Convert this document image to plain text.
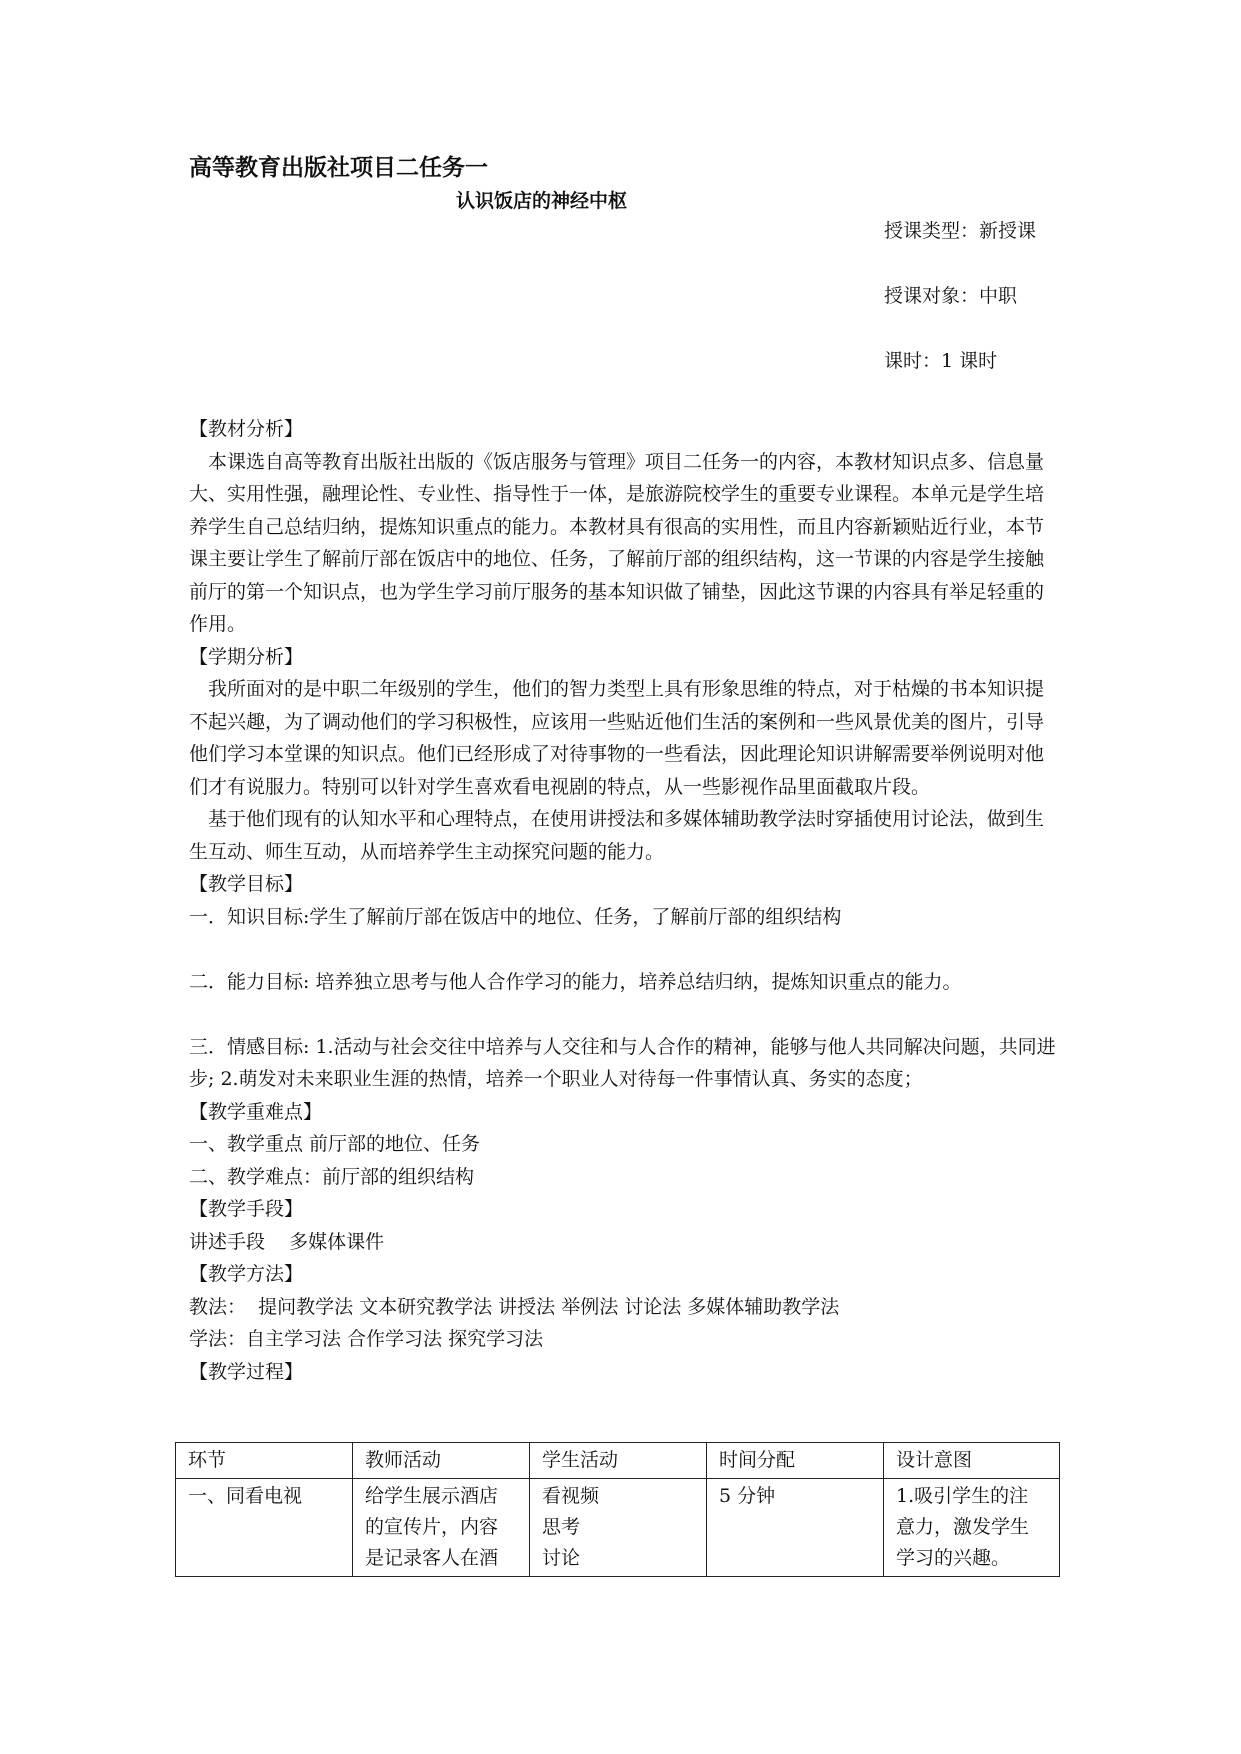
高等教育出版社项目二任务一
认识饭店的神经中枢
授课类型：新授课
授课对象：中职
课时：1 课时

【教材分析】

本课选自高等教育出版社出版的《饭店服务与管理》项目二任务一的内容，本教材知识点多、信息量大、实用性强，融理论性、专业性、指导性于一体，是旅游院校学生的重要专业课程。本单元是学生培养学生自己总结归纳，提炼知识重点的能力。本教材具有很高的实用性，而且内容新颖贴近行业，本节课主要让学生了解前厅部在饭店中的地位、任务，了解前厅部的组织结构，这一节课的内容是学生接触前厅的第一个知识点，也为学生学习前厅服务的基本知识做了铺垫，因此这节课的内容具有举足轻重的作用。

【学期分析】

我所面对的是中职二年级别的学生，他们的智力类型上具有形象思维的特点，对于枯燥的书本知识提不起兴趣，为了调动他们的学习积极性，应该用一些贴近他们生活的案例和一些风景优美的图片，引导他们学习本堂课的知识点。他们已经形成了对待事物的一些看法，因此理论知识讲解需要举例说明对他们才有说服力。特别可以针对学生喜欢看电视剧的特点，从一些影视作品里面截取片段。

基于他们现有的认知水平和心理特点，在使用讲授法和多媒体辅助教学法时穿插使用讨论法，做到生生互动、师生互动，从而培养学生主动探究问题的能力。

【教学目标】

一．知识目标:学生了解前厅部在饭店中的地位、任务，了解前厅部的组织结构

二．能力目标: 培养独立思考与他人合作学习的能力，培养总结归纳，提炼知识重点的能力。

三．情感目标: 1.活动与社会交往中培养与人交往和与人合作的精神，能够与他人共同解决问题，共同进步; 2.萌发对未来职业生涯的热情，培养一个职业人对待每一件事情认真、务实的态度；

【教学重难点】

一、教学重点 前厅部的地位、任务

二、教学难点：前厅部的组织结构

【教学手段】

讲述手段    多媒体课件

【教学方法】

教法：  提问教学法 文本研究教学法 讲授法 举例法 讨论法 多媒体辅助教学法

学法：自主学习法 合作学习法 探究学习法

【教学过程】

环节	教师活动	学生活动	时间分配	设计意图
一、同看电视	给学生展示酒店
的宣传片，内容
是记录客人在酒	看视频
思考
讨论	5 分钟	1.吸引学生的注
意力，激发学生
学习的兴趣。
